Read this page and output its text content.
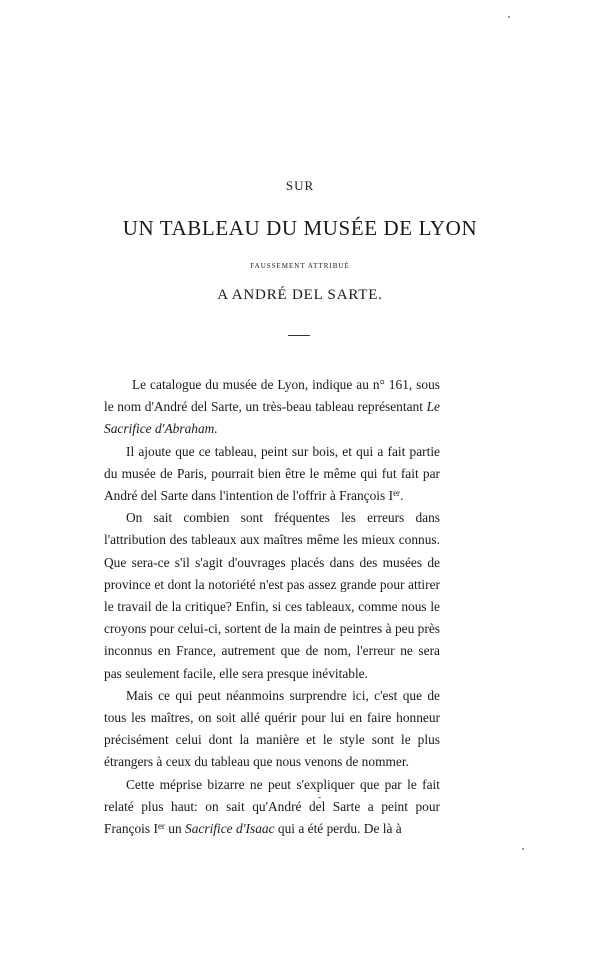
SUR
UN TABLEAU DU MUSÉE DE LYON
FAUSSEMENT ATTRIBUÉ
A ANDRÉ DEL SARTE.

Le catalogue du musée de Lyon, indique au n° 161, sous le nom d'André del Sarte, un très-beau tableau représentant Le Sacrifice d'Abraham.

Il ajoute que ce tableau, peint sur bois, et qui a fait partie du musée de Paris, pourrait bien être le même qui fut fait par André del Sarte dans l'intention de l'offrir à François Ier.

On sait combien sont fréquentes les erreurs dans l'attribution des tableaux aux maîtres même les mieux connus. Que sera-ce s'il s'agit d'ouvrages placés dans des musées de province et dont la notoriété n'est pas assez grande pour attirer le travail de la critique? Enfin, si ces tableaux, comme nous le croyons pour celui-ci, sortent de la main de peintres à peu près inconnus en France, autrement que de nom, l'erreur ne sera pas seulement facile, elle sera presque inévitable.

Mais ce qui peut néanmoins surprendre ici, c'est que de tous les maîtres, on soit allé quérir pour lui en faire honneur précisément celui dont la manière et le style sont le plus étrangers à ceux du tableau que nous venons de nommer.

Cette méprise bizarre ne peut s'expliquer que par le fait relaté plus haut: on sait qu'André del Sarte a peint pour François Ier un Sacrifice d'Isaac qui a été perdu. De là à
